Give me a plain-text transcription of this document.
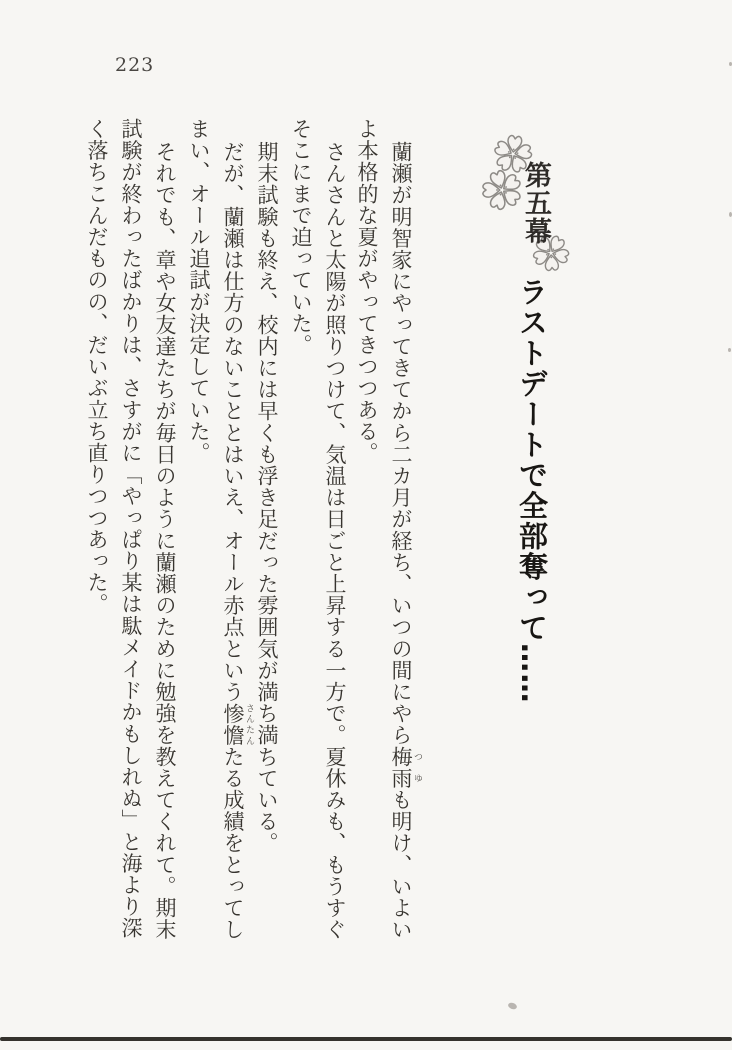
223
第五幕
ラストデートで全部奪って……
蘭瀬が明智家にやってきてから二カ月が経ち、いつの間にやら梅雨 つゆも明け、いよい
よ本格的な夏がやってきつつある。
さんさんと太陽が照りつけて、気温は日ごと上昇する一方で。夏休みも、もうすぐ
そこにまで迫っていた。
期末試験も終え、校内には早くも浮き足だった雰囲気が満ち満ちている。
だが、蘭瀬は仕方のないこととはいえ、オール赤点という惨憺 さんたんたる成績をとってし
まい、オール追試が決定していた。
それでも、章や女友達たちが毎日のように蘭瀬のために勉強を教えてくれて。期末
試験が終わったばかりは、さすがに「やっぱり某は駄メイドかもしれぬ」と海より深
く落ちこんだものの、だいぶ立ち直りつつあった。
